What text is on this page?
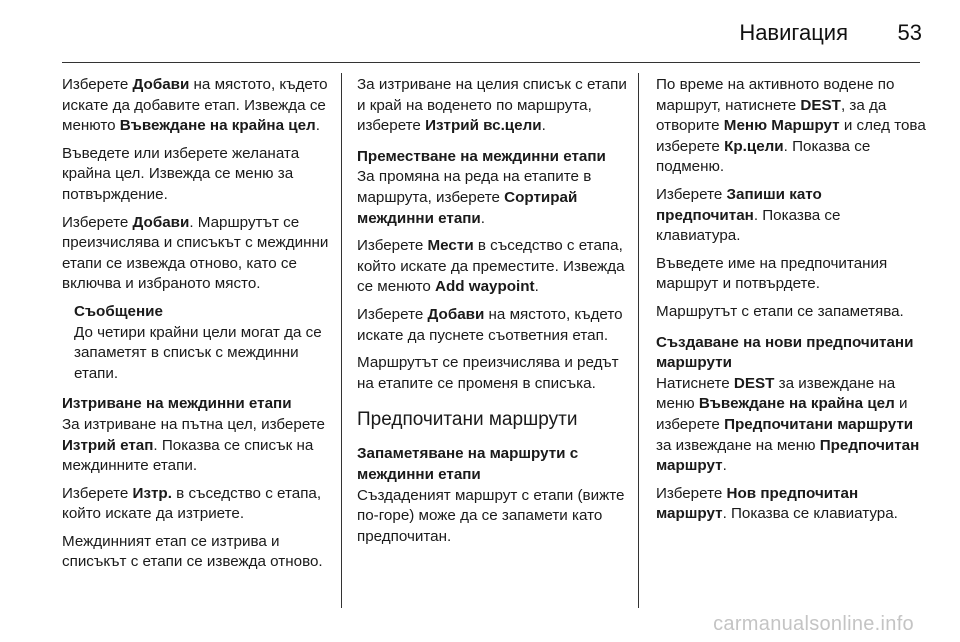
Навигация 53

Изберете Добави на мястото, където искате да добавите етап. Извежда се менюто Въвеждане на крайна цел.

Въведете или изберете желаната крайна цел. Извежда се меню за потвърждение.

Изберете Добави. Маршрутът се преизчислява и списъкът с междинни етапи се извежда отново, като се включва и избраното място.

Съобщение

До четири крайни цели могат да се запаметят в списък с междинни етапи.

Изтриване на междинни етапи

За изтриване на пътна цел, изберете Изтрий етап. Показва се списък на междинните етапи.

Изберете Изтр. в съседство с етапа, който искате да изтриете.

Междинният етап се изтрива и списъкът с етапи се извежда отново.

За изтриване на целия списък с етапи и край на воденето по маршрута, изберете Изтрий вс.цели.

Преместване на междинни етапи

За промяна на реда на етапите в маршрута, изберете Сортирай междинни етапи.

Изберете Мести в съседство с етапа, който искате да преместите. Извежда се менюто Add waypoint.

Изберете Добави на мястото, където искате да пуснете съответния етап.

Маршрутът се преизчислява и редът на етапите се променя в списъка.

Предпочитани маршрути
Запаметяване на маршрути с междинни етапи

Създаденият маршрут с етапи (вижте по-горе) може да се запамети като предпочитан.

По време на активното водене по маршрут, натиснете DEST, за да отворите Меню Маршрут и след това изберете Кр.цели. Показва се подменю.

Изберете Запиши като предпочитан. Показва се клавиатура.

Въведете име на предпочитания маршрут и потвърдете.

Маршрутът с етапи се запаметява.

Създаване на нови предпочитани маршрути

Натиснете DEST за извеждане на меню Въвеждане на крайна цел и изберете Предпочитани маршрути за извеждане на меню Предпочитан маршрут.

Изберете Нов предпочитан маршрут. Показва се клавиатура.

carmanualsonline.info
